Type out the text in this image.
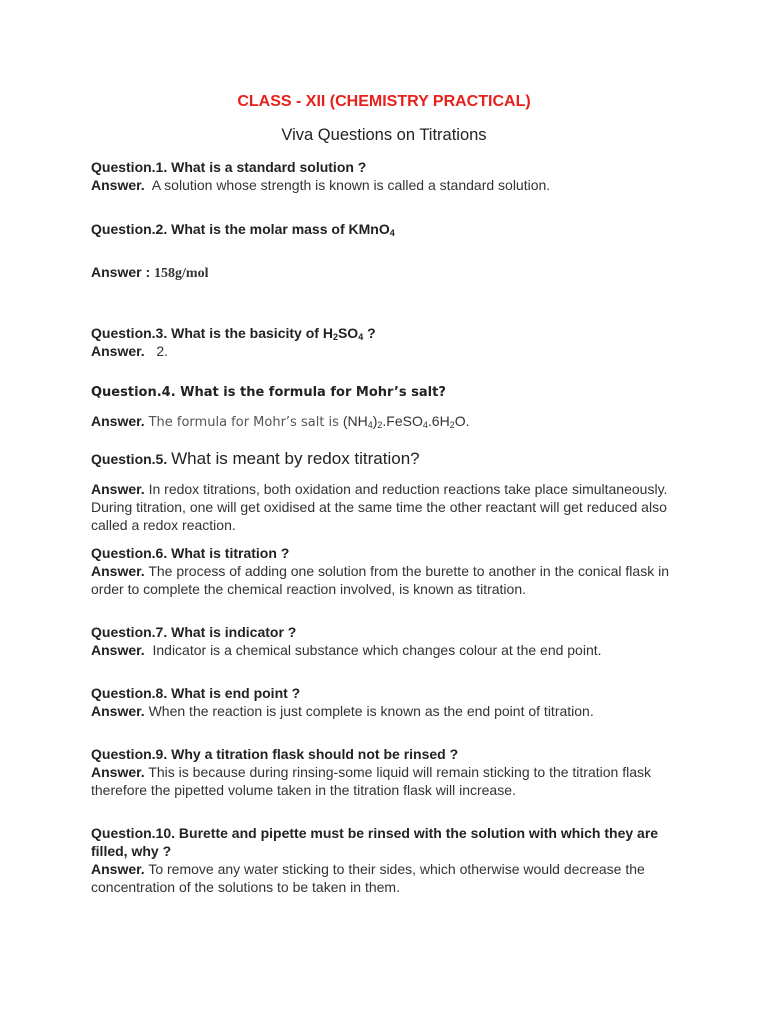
CLASS - XII (CHEMISTRY PRACTICAL)
Viva Questions on Titrations

Question.1. What is a standard solution ?

Answer. A solution whose strength is known is called a standard solution.

Question.2. What is the molar mass of KMnO$_4$

Answer : 158g/mol

Question.3. What is the basicity of $H_2SO_4$ ?

Answer. 2.

Question.4. What is the formula for Mohr’s salt?

Answer. The formula for Mohr’s salt is $(NH_4)_2.FeSO_4.6H_2O$.

Question.5. What is meant by redox titration?

Answer. In redox titrations, both oxidation and reduction reactions take place simultaneously. During titration, one will get oxidised at the same time the other reactant will get reduced also called a redox reaction.

Question.6. What is titration ?

Answer. The process of adding one solution from the burette to another in the conical flask in order to complete the chemical reaction involved, is known as titration.

Question.7. What is indicator ?

Answer. Indicator is a chemical substance which changes colour at the end point.

Question.8. What is end point ?

Answer. When the reaction is just complete is known as the end point of titration.

Question.9. Why a titration flask should not be rinsed ?

Answer. This is because during rinsing-some liquid will remain sticking to the titration flask therefore the pipetted volume taken in the titration flask will increase.

Question.10. Burette and pipette must be rinsed with the solution with which they are filled, why ?

Answer. To remove any water sticking to their sides, which otherwise would decrease the concentration of the solutions to be taken in them.
